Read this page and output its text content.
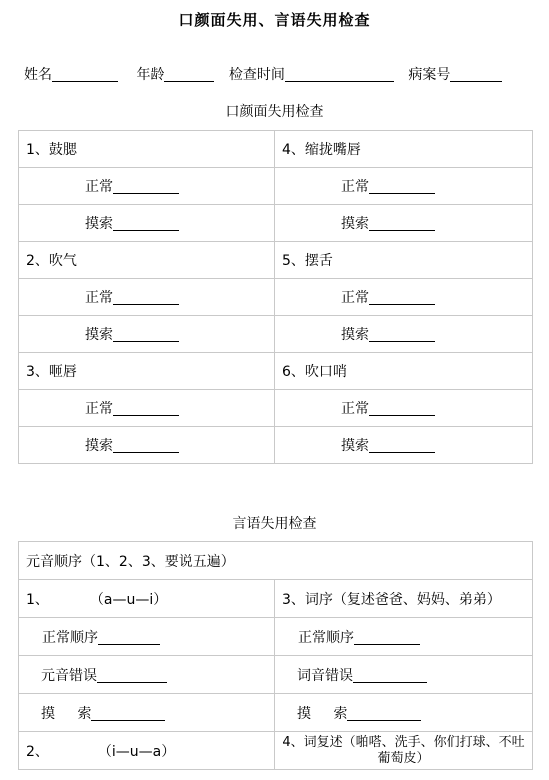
口颜面失用、言语失用检查
姓名	年龄	检查时间	病案号
口颜面失用检查
1、鼓腮	4、缩拢嘴唇
正常	正常
摸索	摸索
2、吹气	5、摆舌
正常	正常
摸索	摸索
3、咂唇	6、吹口哨
正常	正常
摸索	摸索
言语失用检查
元音顺序（1、2、3、要说五遍）	
1、 （a—u—i）	3、词序（复述爸爸、妈妈、弟弟）
正常顺序	正常顺序
元音错误	词音错误
摸 索	摸 索
2、 （i—u—a）	4、词复述（啪嗒、洗手、你们打球、不吐葡萄皮）
